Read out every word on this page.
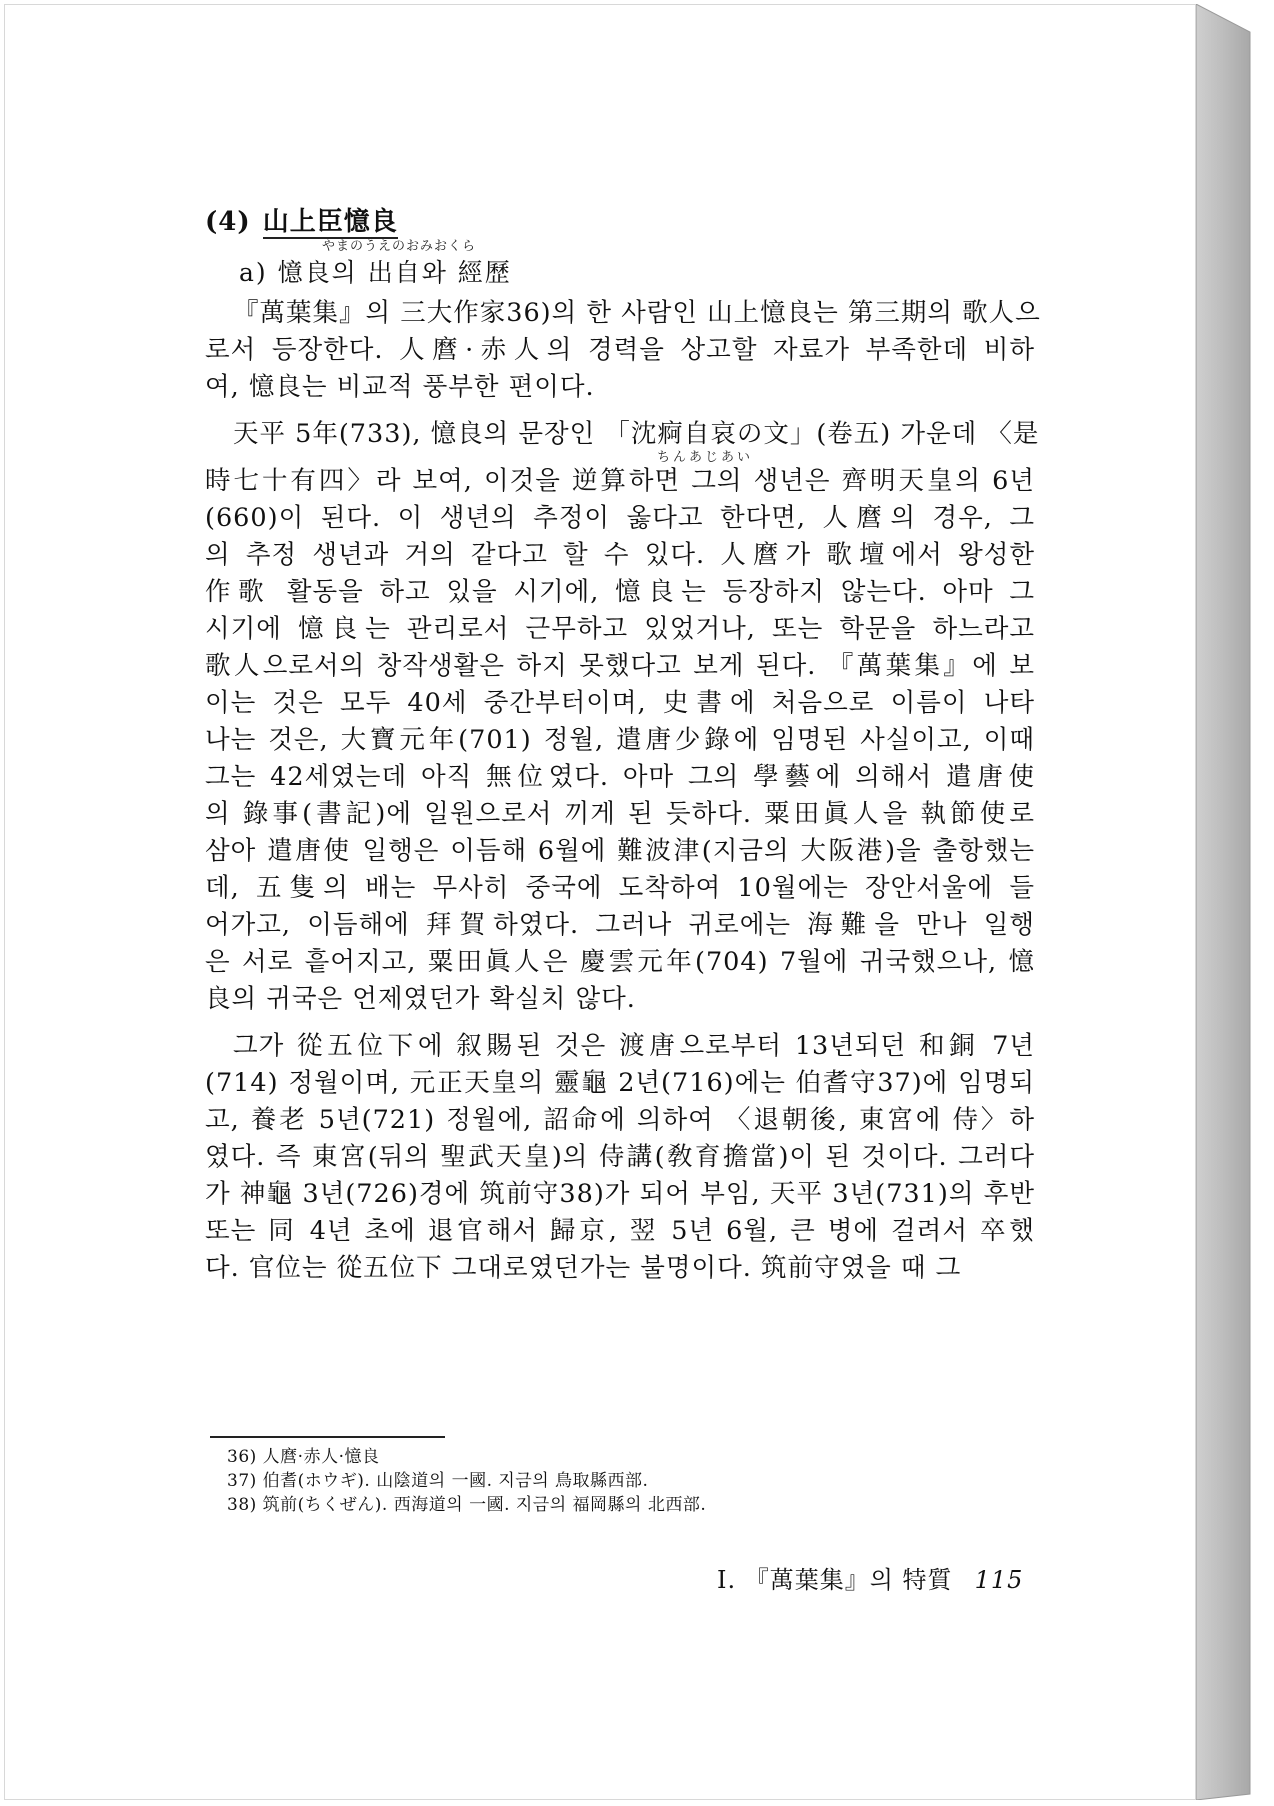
(4) 山上臣憶良

やまのうえのおみおくら

a) 憶良의 出自와 經歷

『萬葉集』의 三大作家36)의 한 사람인 山上憶良는 第三期의 歌人으
로서 등장한다. 人麿·赤人의 경력을 상고할 자료가 부족한데 비하
여, 憶良는 비교적 풍부한 편이다.
天平 5年(733), 憶良의 문장인 「沈痾自哀の文」(卷五) 가운데 〈是
ちんあじあい
時七十有四〉라 보여, 이것을 逆算하면 그의 생년은 齊明天皇의 6년
(660)이 된다. 이 생년의 추정이 옳다고 한다면, 人麿의 경우, 그
의 추정 생년과 거의 같다고 할 수 있다. 人麿가 歌壇에서 왕성한
作歌 활동을 하고 있을 시기에, 憶良는 등장하지 않는다. 아마 그
시기에 憶良는 관리로서 근무하고 있었거나, 또는 학문을 하느라고
歌人으로서의 창작생활은 하지 못했다고 보게 된다. 『萬葉集』에 보
이는 것은 모두 40세 중간부터이며, 史書에 처음으로 이름이 나타
나는 것은, 大寶元年(701) 정월, 遣唐少錄에 임명된 사실이고, 이때
그는 42세였는데 아직 無位였다. 아마 그의 學藝에 의해서 遣唐使
의 錄事(書記)에 일원으로서 끼게 된 듯하다. 粟田眞人을 執節使로
삼아 遣唐使 일행은 이듬해 6월에 難波津(지금의 大阪港)을 출항했는
데, 五隻의 배는 무사히 중국에 도착하여 10월에는 장안서울에 들
어가고, 이듬해에 拜賀하였다. 그러나 귀로에는 海難을 만나 일행
은 서로 흩어지고, 粟田眞人은 慶雲元年(704) 7월에 귀국했으나, 憶
良의 귀국은 언제였던가 확실치 않다.
그가 從五位下에 叙賜된 것은 渡唐으로부터 13년되던 和銅 7년
(714) 정월이며, 元正天皇의 靈龜 2년(716)에는 伯耆守37)에 임명되
고, 養老 5년(721) 정월에, 詔命에 의하여 〈退朝後, 東宮에 侍〉하
였다. 즉 東宮(뒤의 聖武天皇)의 侍講(敎育擔當)이 된 것이다. 그러다
가 神龜 3년(726)경에 筑前守38)가 되어 부임, 天平 3년(731)의 후반
또는 同 4년 초에 退官해서 歸京, 翌 5년 6월, 큰 병에 걸려서 卒했
다. 官位는 從五位下 그대로였던가는 불명이다. 筑前守였을 때 그
36) 人麿·赤人·憶良
37) 伯耆(ホウギ). 山陰道의 一國. 지금의 鳥取縣西部.
38) 筑前(ちくぜん). 西海道의 一國. 지금의 福岡縣의 北西部.
Ⅰ. 『萬葉集』의 特質 115
